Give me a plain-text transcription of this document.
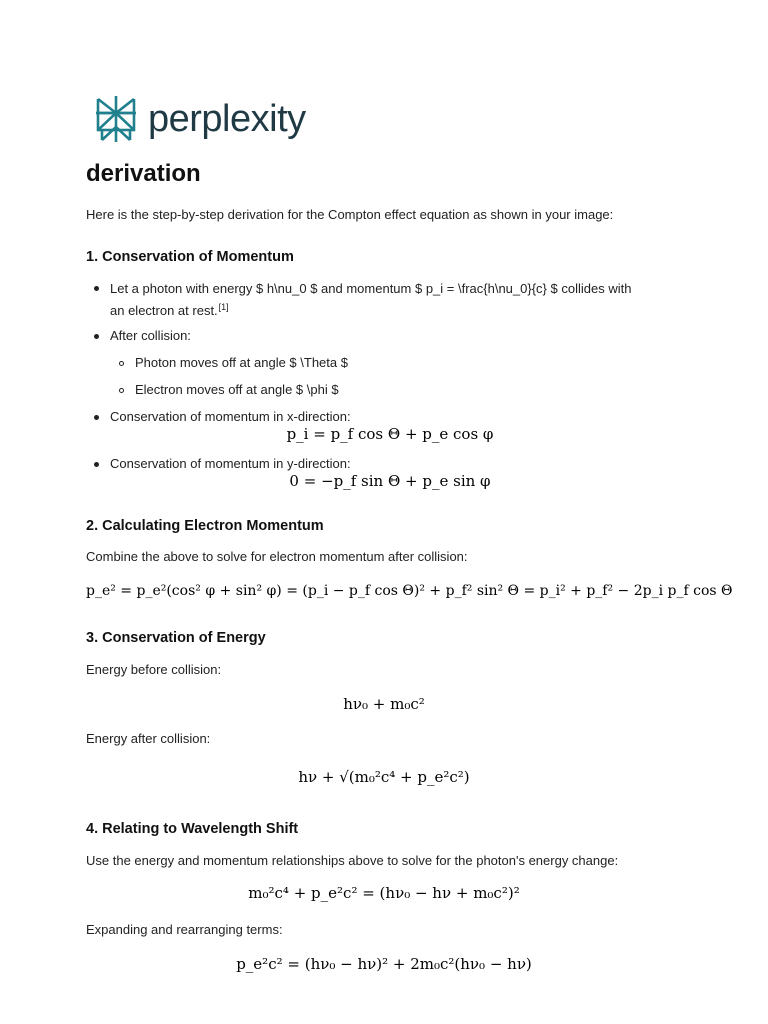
perplexity
derivation
Here is the step-by-step derivation for the Compton effect equation as shown in your image:
1. Conservation of Momentum
Let a photon with energy $ h\nu_0 $ and momentum $ p_i = \frac{h\nu_0}{c} $ collides with
an electron at rest.[1]
After collision:
Photon moves off at angle $ \Theta $
Electron moves off at angle $ \phi $
Conservation of momentum in x-direction:
p_i = p_f cos Θ + p_e cos φ
Conservation of momentum in y-direction:
0 = −p_f sin Θ + p_e sin φ
2. Calculating Electron Momentum
Combine the above to solve for electron momentum after collision:
p_e² = p_e²(cos² φ + sin² φ) = (p_i − p_f cos Θ)² + p_f² sin² Θ = p_i² + p_f² − 2p_i p_f cos Θ
3. Conservation of Energy
Energy before collision:
hν₀ + m₀c²
Energy after collision:
hν + √(m₀²c⁴ + p_e²c²)
4. Relating to Wavelength Shift
Use the energy and momentum relationships above to solve for the photon's energy change:
m₀²c⁴ + p_e²c² = (hν₀ − hν + m₀c²)²
Expanding and rearranging terms:
p_e²c² = (hν₀ − hν)² + 2m₀c²(hν₀ − hν)
